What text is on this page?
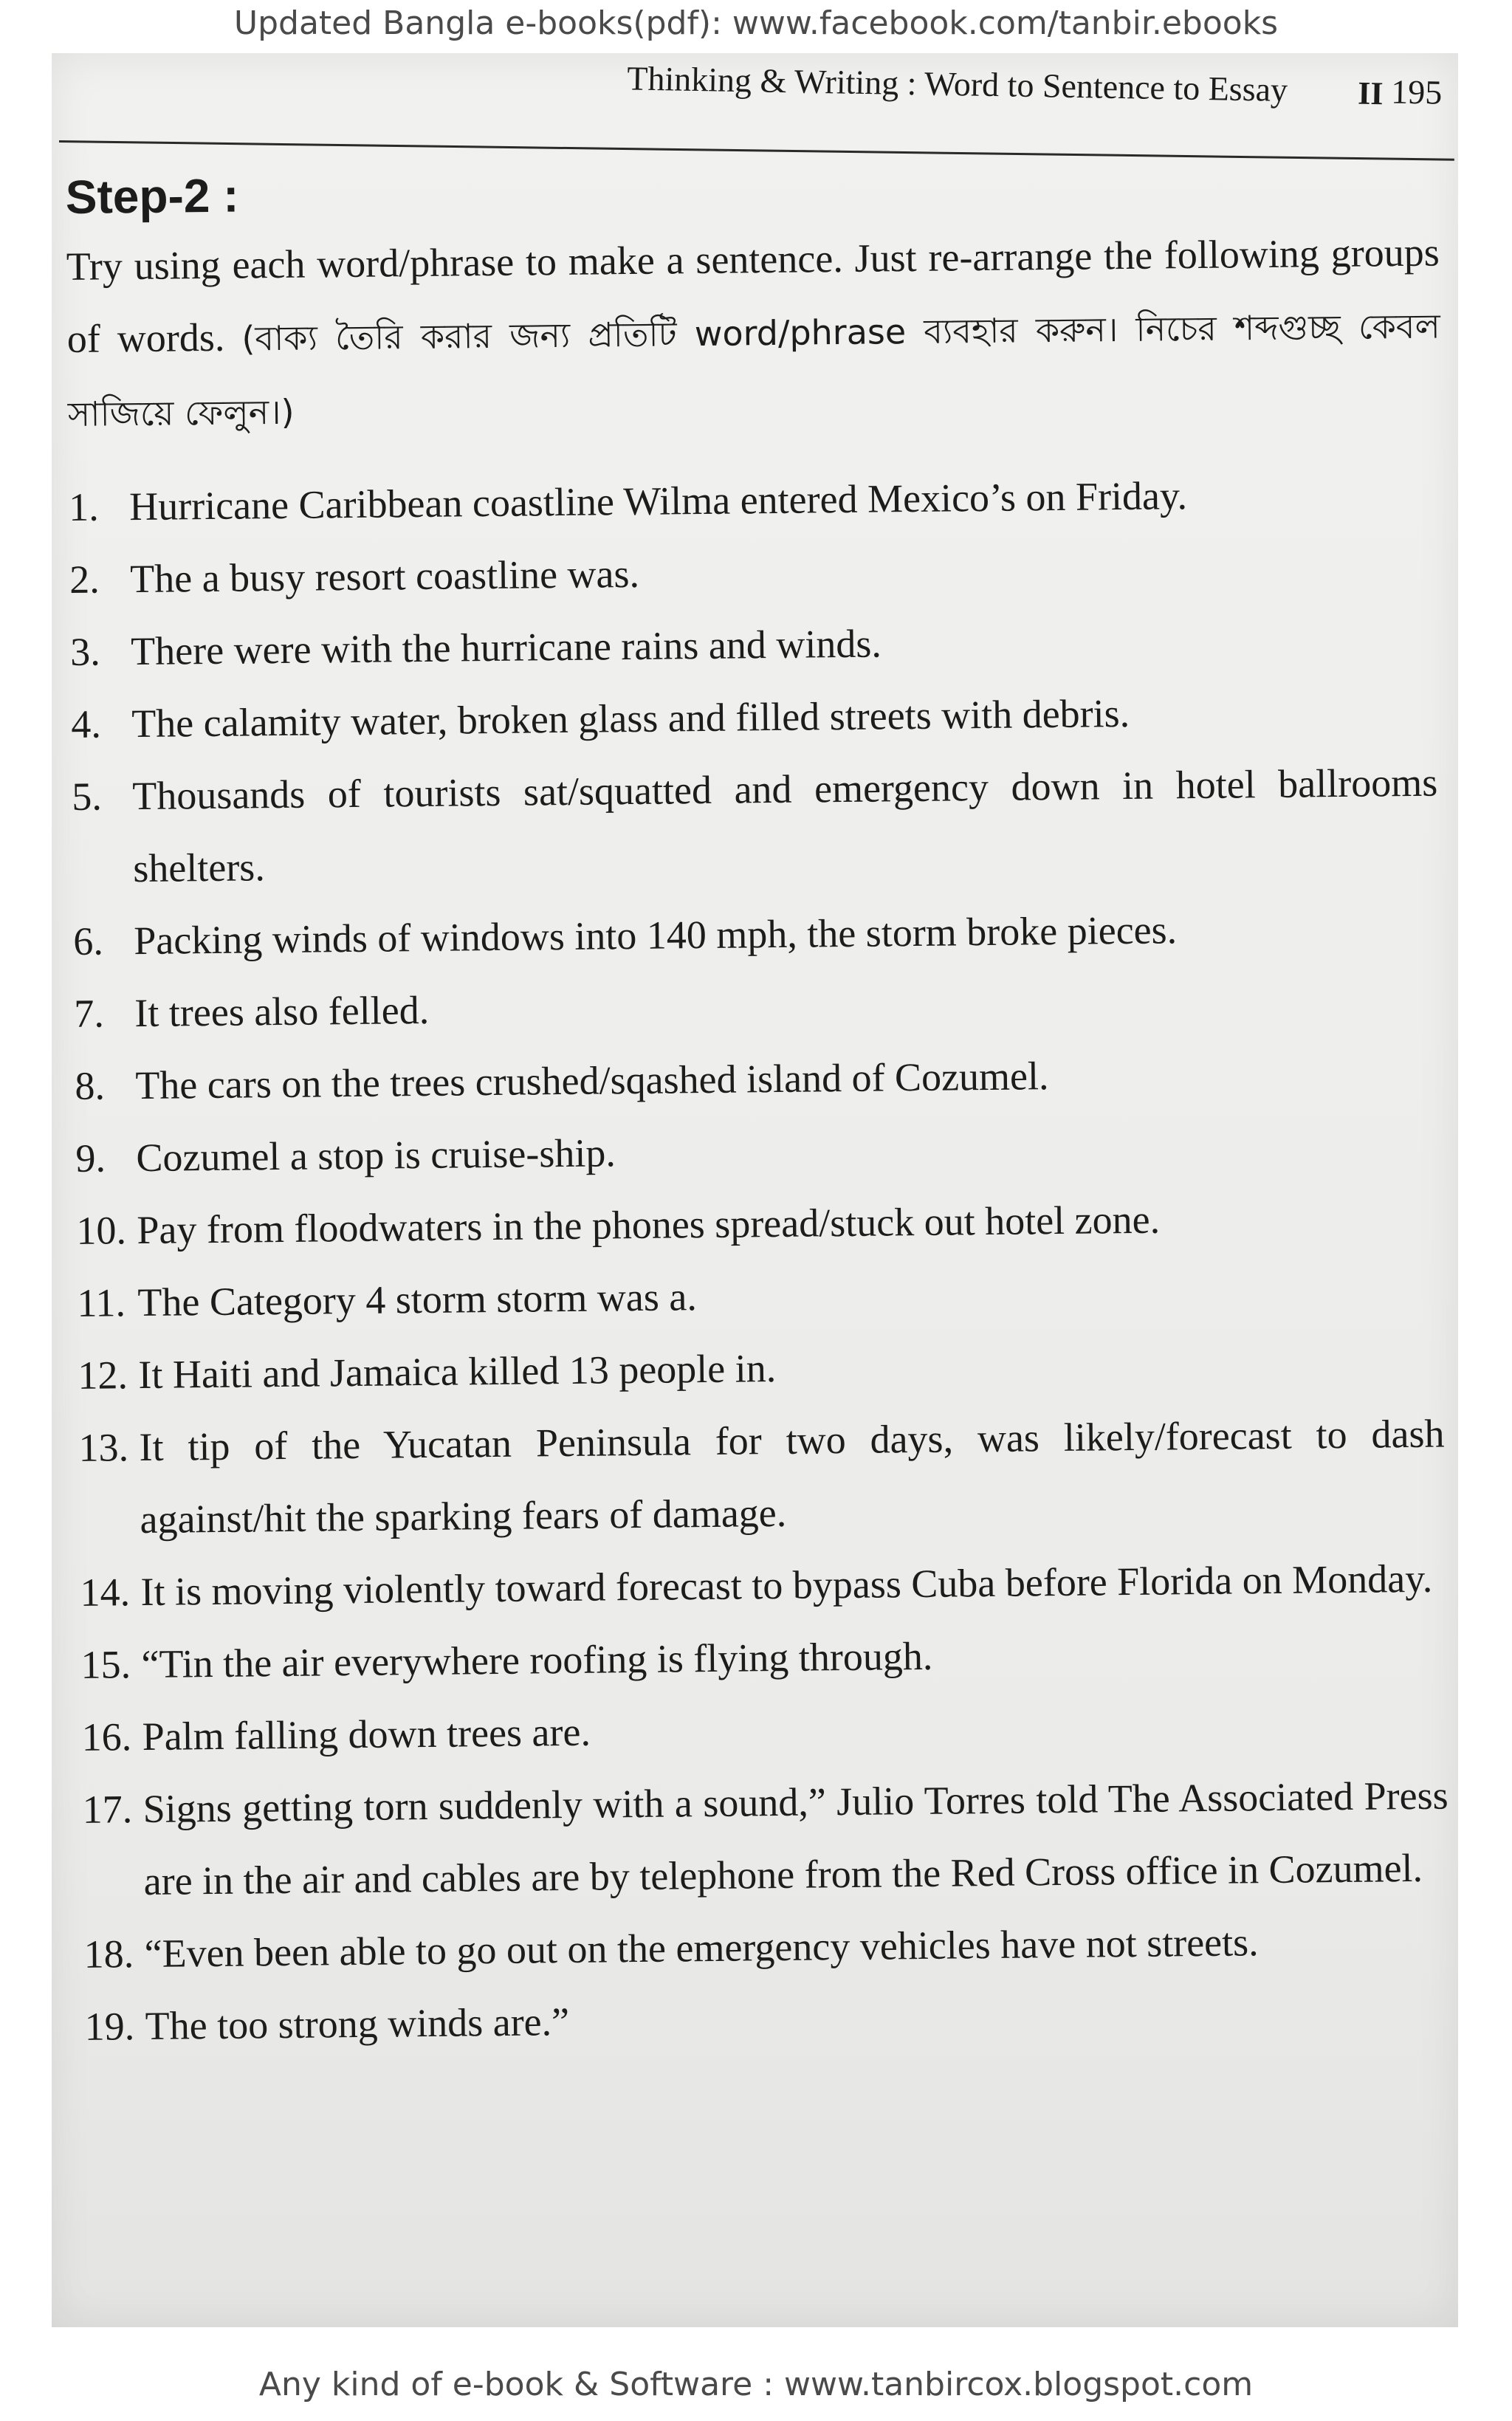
Updated Bangla e-books(pdf): www.facebook.com/tanbir.ebooks
Thinking & Writing : Word to Sentence to Essay II 195
Step-2 :

Try using each word/phrase to make a sentence. Just re-arrange the following groups of words. (বাক্য তৈরি করার জন্য প্রতিটি word/phrase ব্যবহার করুন। নিচের শব্দগুচ্ছ কেবল সাজিয়ে ফেলুন।)

1. Hurricane Caribbean coastline Wilma entered Mexico’s on Friday.
2. The a busy resort coastline was.
3. There were with the hurricane rains and winds.
4. The calamity water, broken glass and filled streets with debris.
5. Thousands of tourists sat/squatted and emergency down in hotel ballrooms shelters.
6. Packing winds of windows into 140 mph, the storm broke pieces.
7. It trees also felled.
8. The cars on the trees crushed/sqashed island of Cozumel.
9. Cozumel a stop is cruise-ship.
10. Pay from floodwaters in the phones spread/stuck out hotel zone.
11. The Category 4 storm storm was a.
12. It Haiti and Jamaica killed 13 people in.
13. It tip of the Yucatan Peninsula for two days, was likely/forecast to dash against/hit the sparking fears of damage.
14. It is moving violently toward forecast to bypass Cuba before Florida on Monday.
15. “Tin the air everywhere roofing is flying through.
16. Palm falling down trees are.
17. Signs getting torn suddenly with a sound,” Julio Torres told The Associated Press are in the air and cables are by telephone from the Red Cross office in Cozumel.
18. “Even been able to go out on the emergency vehicles have not streets.
19. The too strong winds are.”
Any kind of e-book & Software : www.tanbircox.blogspot.com
